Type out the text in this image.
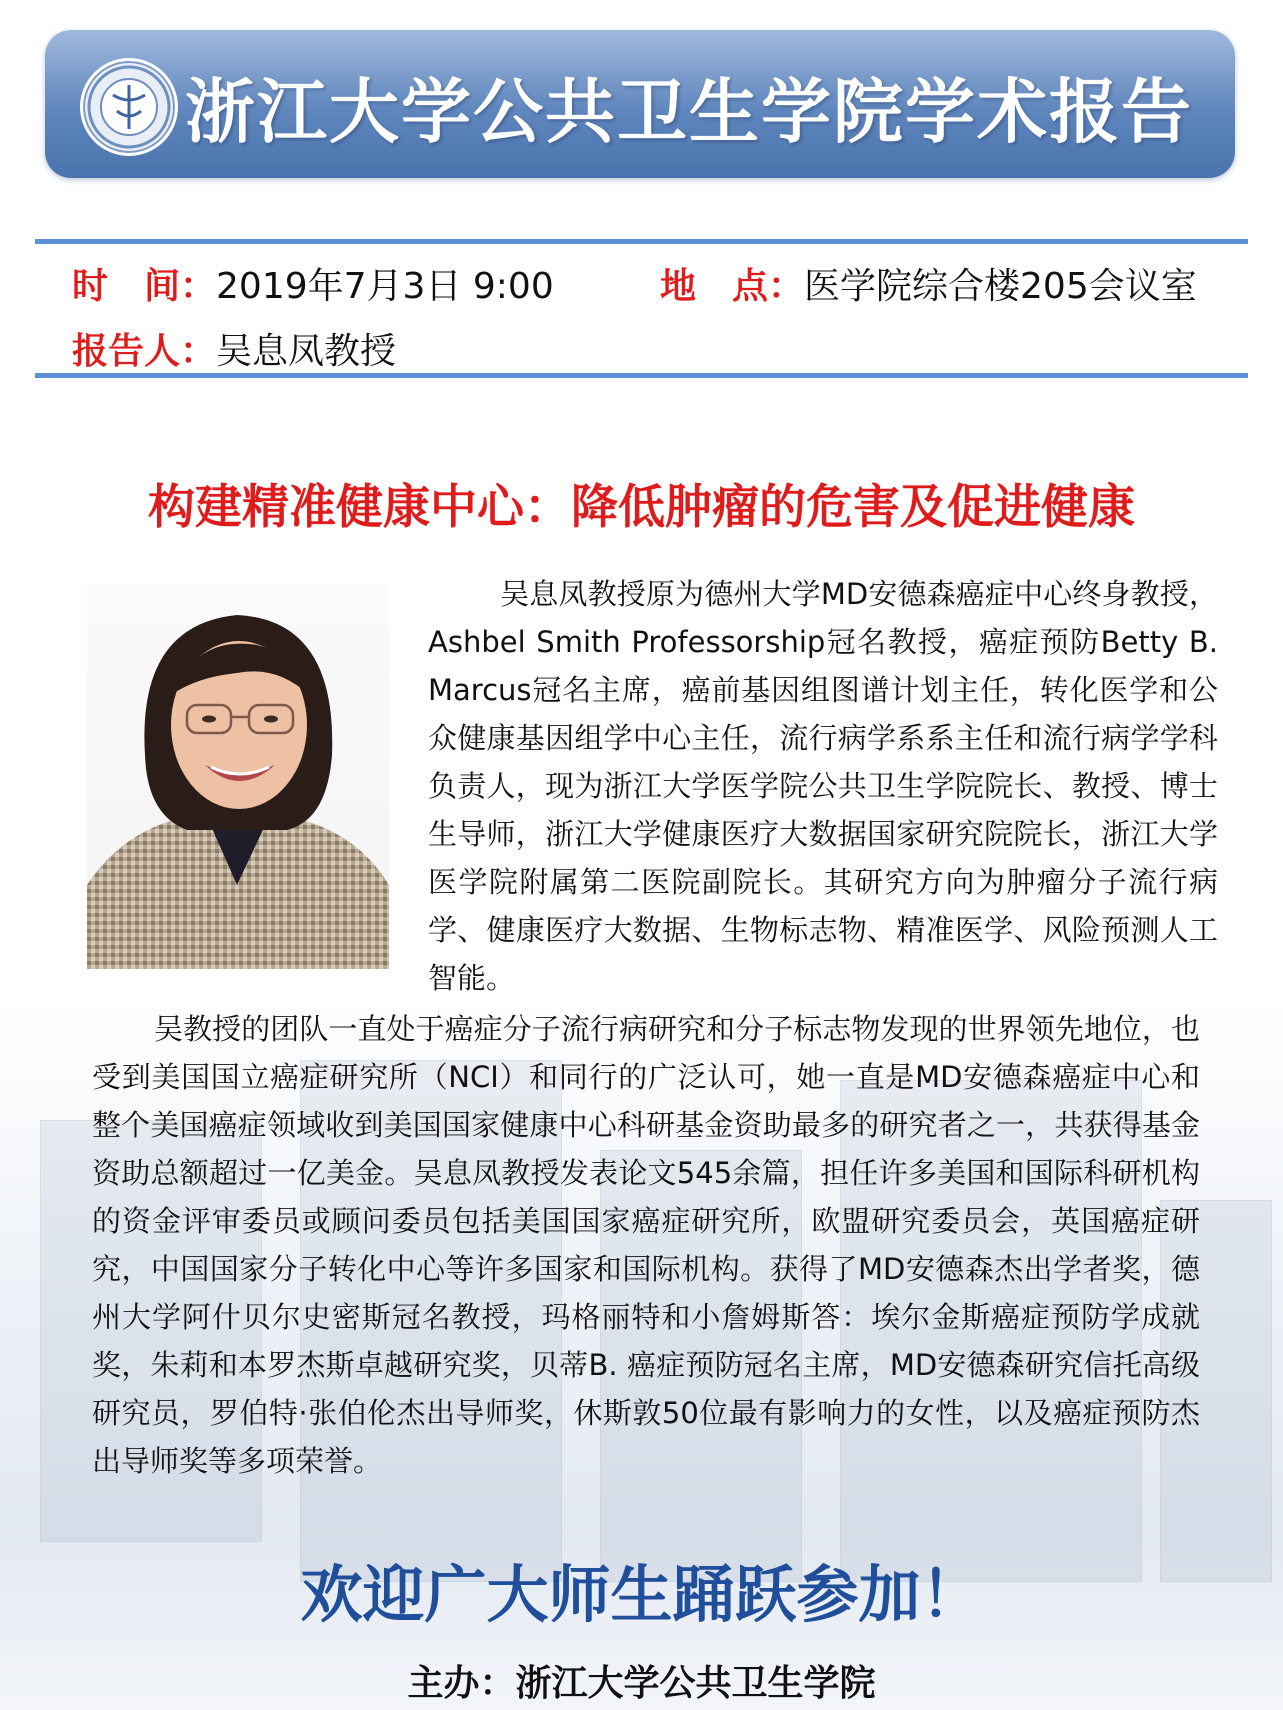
浙江大学公共卫生学院学术报告
时　间：2019年7月3日 9:00	地　点：医学院综合楼205会议室
报告人：吴息凤教授
构建精准健康中心：降低肿瘤的危害及促进健康
吴息凤教授原为德州大学MD安德森癌症中心终身教授，Ashbel Smith Professorship冠名教授，癌症预防Betty B. Marcus冠名主席，癌前基因组图谱计划主任，转化医学和公众健康基因组学中心主任，流行病学系系主任和流行病学学科负责人，现为浙江大学医学院公共卫生学院院长、教授、博士生导师，浙江大学健康医疗大数据国家研究院院长，浙江大学医学院附属第二医院副院长。其研究方向为肿瘤分子流行病学、健康医疗大数据、生物标志物、精准医学、风险预测人工智能。
吴教授的团队一直处于癌症分子流行病研究和分子标志物发现的世界领先地位，也受到美国国立癌症研究所（NCI）和同行的广泛认可，她一直是MD安德森癌症中心和整个美国癌症领域收到美国国家健康中心科研基金资助最多的研究者之一，共获得基金资助总额超过一亿美金。吴息凤教授发表论文545余篇，担任许多美国和国际科研机构的资金评审委员或顾问委员包括美国国家癌症研究所，欧盟研究委员会，英国癌症研究，中国国家分子转化中心等许多国家和国际机构。获得了MD安德森杰出学者奖，德州大学阿什贝尔史密斯冠名教授，玛格丽特和小詹姆斯答：埃尔金斯癌症预防学成就奖，朱莉和本罗杰斯卓越研究奖，贝蒂B. 癌症预防冠名主席，MD安德森研究信托高级研究员，罗伯特·张伯伦杰出导师奖，休斯敦50位最有影响力的女性，以及癌症预防杰出导师奖等多项荣誉。
欢迎广大师生踊跃参加！
主办：浙江大学公共卫生学院
